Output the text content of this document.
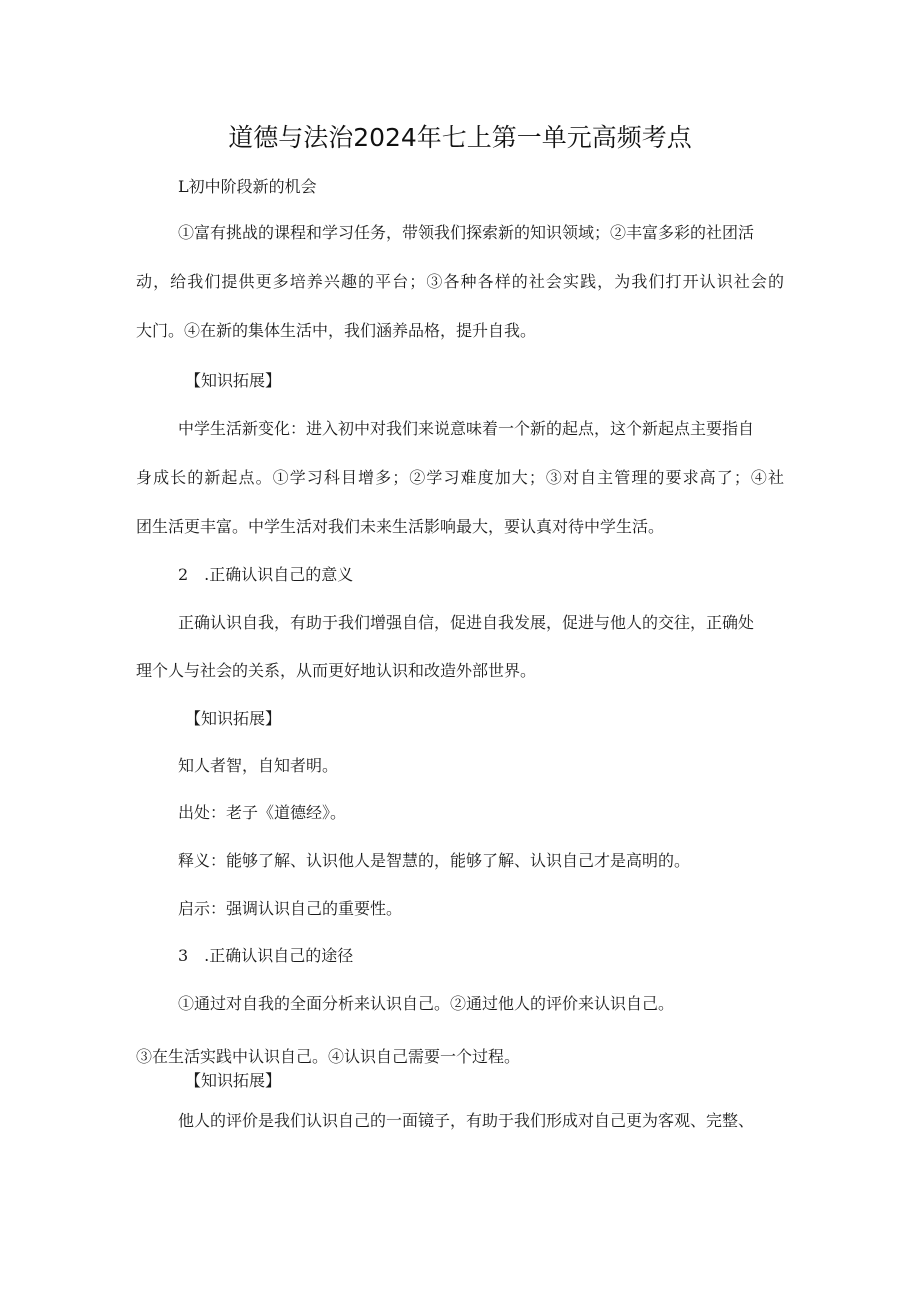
道德与法治2024年七上第一单元高频考点
L初中阶段新的机会
①富有挑战的课程和学习任务，带领我们探索新的知识领域；②丰富多彩的社团活
动，给我们提供更多培养兴趣的平台；③各种各样的社会实践，为我们打开认识社会的
大门。④在新的集体生活中，我们涵养品格，提升自我。
【知识拓展】
中学生活新变化：进入初中对我们来说意味着一个新的起点，这个新起点主要指自
身成长的新起点。①学习科目增多；②学习难度加大；③对自主管理的要求高了；④社
团生活更丰富。中学生活对我们未来生活影响最大，要认真对待中学生活。
2　.正确认识自己的意义
正确认识自我，有助于我们增强自信，促进自我发展，促进与他人的交往，正确处
理个人与社会的关系，从而更好地认识和改造外部世界。
【知识拓展】
知人者智，自知者明。
出处：老子《道德经》。
释义：能够了解、认识他人是智慧的，能够了解、认识自己才是高明的。
启示：强调认识自己的重要性。
3　.正确认识自己的途径
①通过对自我的全面分析来认识自己。②通过他人的评价来认识自己。
③在生活实践中认识自己。④认识自己需要一个过程。
【知识拓展】
他人的评价是我们认识自己的一面镜子，有助于我们形成对自己更为客观、完整、
